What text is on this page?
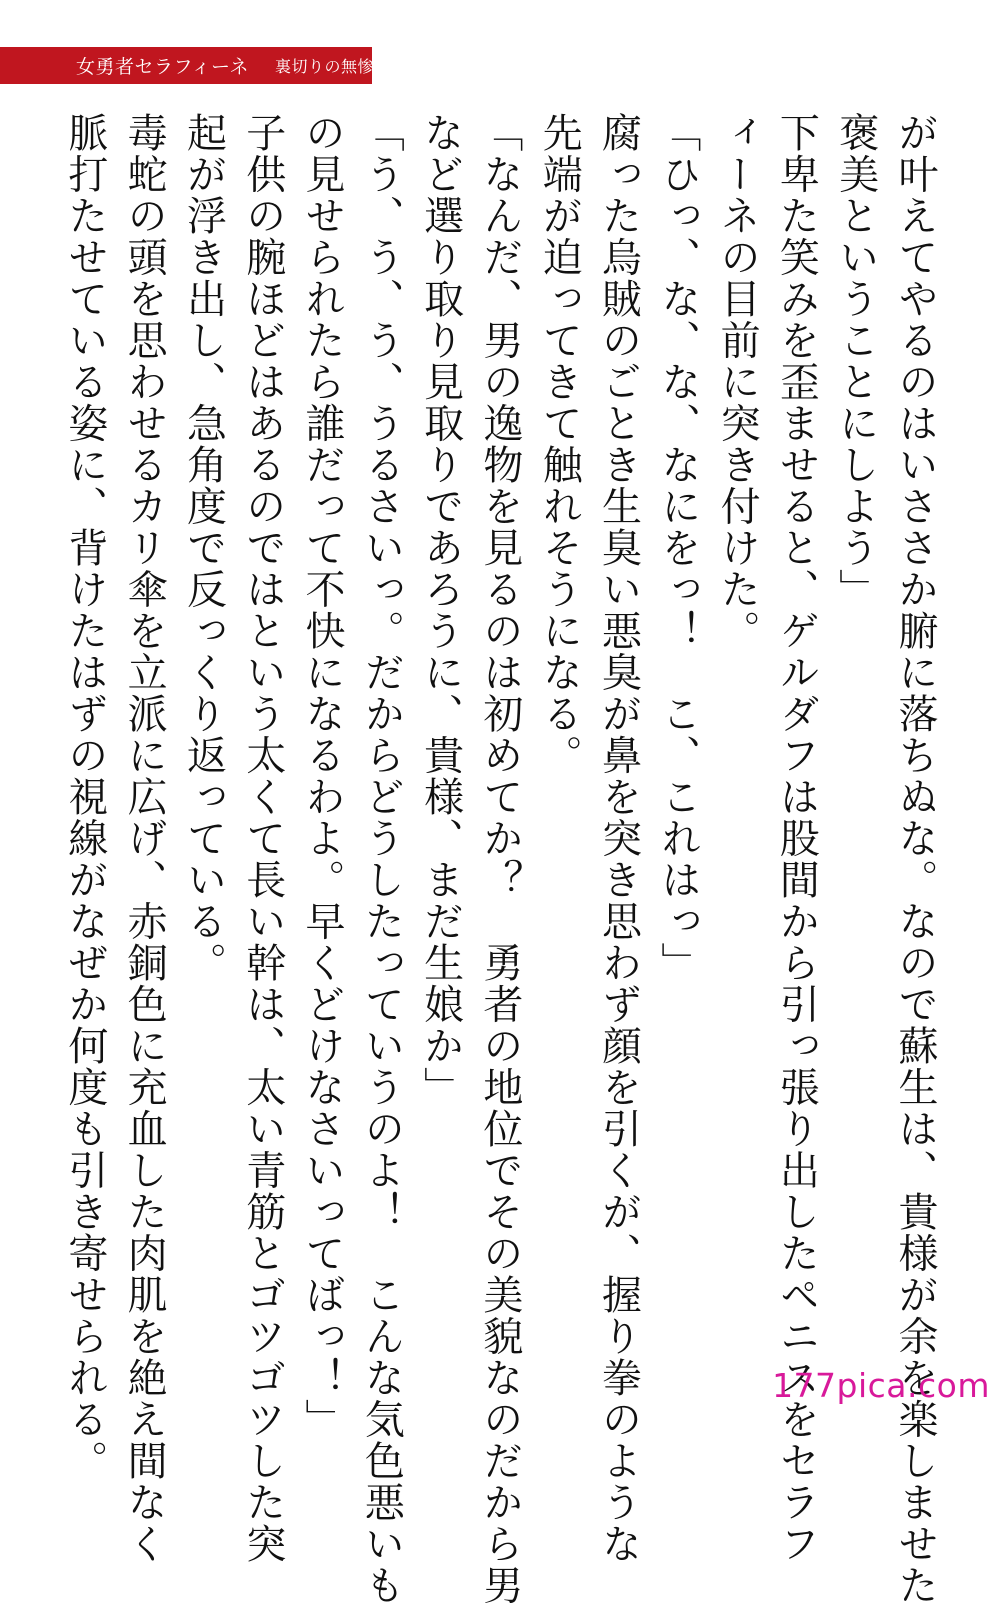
女勇者セラフィーネ 裏切りの無惨劇
が叶えてやるのはいささか腑に落ちぬな。なので蘇生は、貴様が余を楽しませた
褒美ということにしよう」
下卑た笑みを歪ませると、ゲルダフは股間から引っ張り出したペニスをセラフ
ィーネの目前に突き付けた。
「ひっ、な、な、なにをっ！　こ、これはっ」
腐った烏賊のごとき生臭い悪臭が鼻を突き思わず顔を引くが、握り拳のような
先端が迫ってきて触れそうになる。
「なんだ、男の逸物を見るのは初めてか？　勇者の地位でその美貌なのだから男
など選り取り見取りであろうに、貴様、まだ生娘か」
「う、う、う、うるさいっ。だからどうしたっていうのよ！　こんな気色悪いも
の見せられたら誰だって不快になるわよ。早くどけなさいってばっ！」
子供の腕ほどはあるのではという太くて長い幹は、太い青筋とゴツゴツした突
起が浮き出し、急角度で反っくり返っている。
毒蛇の頭を思わせるカリ傘を立派に広げ、赤銅色に充血した肉肌を絶え間なく
脈打たせている姿に、背けたはずの視線がなぜか何度も引き寄せられる。	177pica.com
